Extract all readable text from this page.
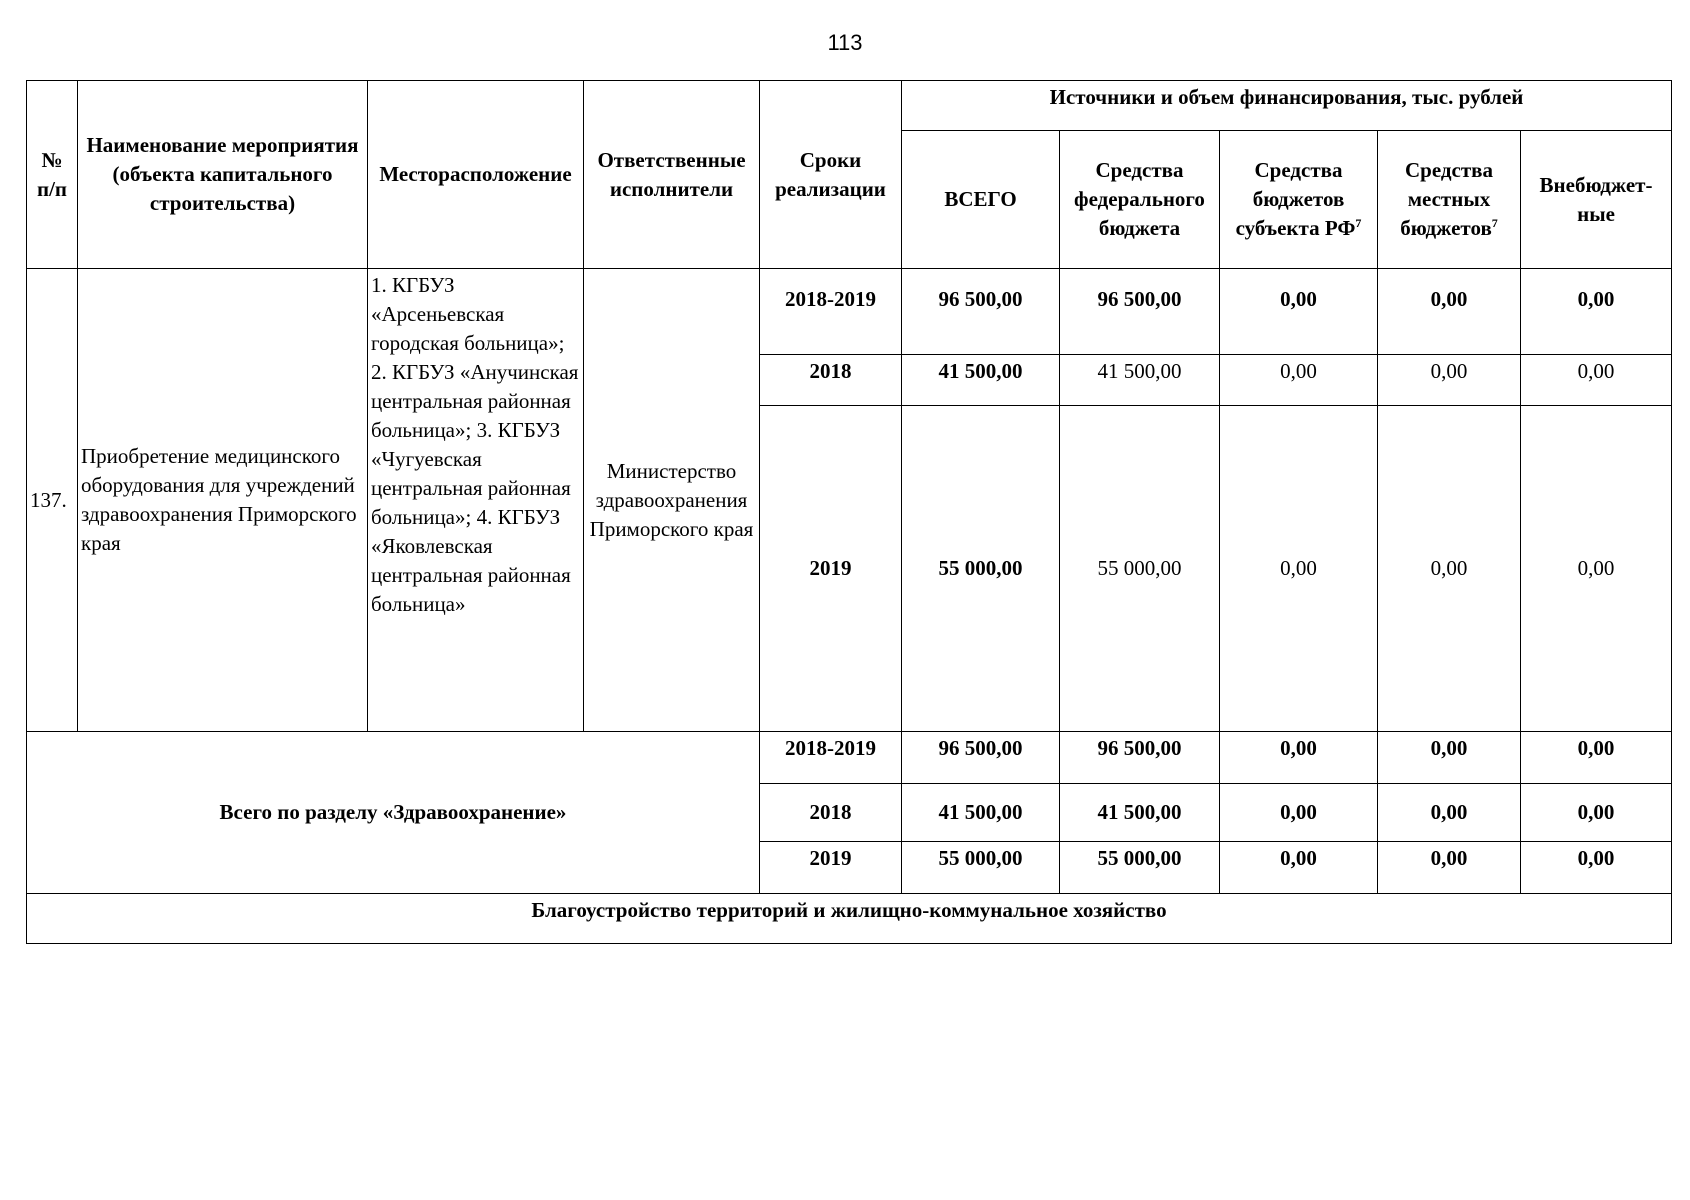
113
№ п/п	Наименование мероприятия (объекта капитального строительства)	Месторасположение	Ответственные исполнители	Сроки реализации	Источники и объем финансирования, тыс. рублей				
					ВСЕГО	Средства федерального бюджета	Средства бюджетов субъекта $РФ^7$	Средства местных бюджетов$^7$	Внебюджет-ные
137.	Приобретение медицинского оборудования для учреждений здравоохранения Приморского края	1. КГБУЗ «Арсеньевская городская больница»; 2. КГБУЗ «Анучинская центральная районная больница»; 3. КГБУЗ «Чугуевская центральная районная больница»; 4. КГБУЗ «Яковлевская центральная районная больница»	Министерство здравоохранения Приморского края	2018-2019	96 500,00	96 500,00	0,00	0,00	0,00
				2018	41 500,00	41 500,00	0,00	0,00	0,00
				2019	55 000,00	55 000,00	0,00	0,00	0,00
Всего по разделу «Здравоохранение»				2018-2019	96 500,00	96 500,00	0,00	0,00	0,00
				2018	41 500,00	41 500,00	0,00	0,00	0,00
				2019	55 000,00	55 000,00	0,00	0,00	0,00
Благоустройство территорий и жилищно-коммунальное хозяйство									
